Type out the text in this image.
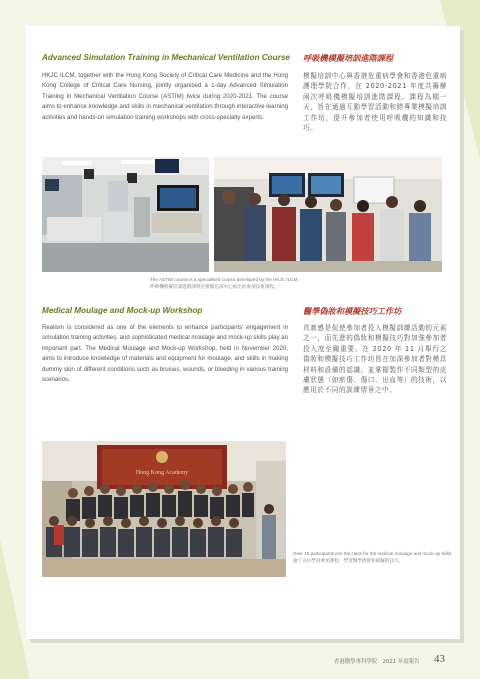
Advanced Simulation Training in Mechanical Ventilation Course 呼吸機模擬培訓進階課程
HKJC ILCM, together with the Hong Kong Society of Critical Care Medicine and the Hong Kong College of Critical Care Nursing, jointly organised a 1-day Advanced Simulation Training in Mechanical Ventilation Course (ASTIM) twice during 2020-2021. The course aims to enhance knowledge and skills in mechanical ventilation through interactive learning activities and hands-on simulation training workshops with cross-specialty experts.
模擬培訓中心與香港危重病學會和香港危重病護理學院合作，在 2020-2021 年度共籌辦兩次呼吸機模擬培訓進階課程。課程為期一天，旨在通過互動學習活動和跨專業模擬培訓工作坊，提升參加者使用呼吸機的知識和技巧。
The ASTIM course is a specialised course developed by the HKJC ILCM.
呼吸機模擬培訓進階課程是模擬培訓中心推出的專項技術課程。
Medical Moulage and Mock-up Workshop	醫學偽妝和模擬技巧工作坊
Realism is considered as one of the elements to enhance participants' engagement in simulation training activities, and sophisticated medical moulage and mock-up skills play an important part. The Medical Moulage and Mock-up Workshop, held in November 2020, aims to introduce knowledge of materials and equipment for moulage, and skills in making dummy skin of different conditions such as bruises, wounds, or bleeding in various training scenarios.
真實感是促使參加者投入模擬訓練活動的元素之一，而先進的偽妝和模擬技巧對加強參加者投入度至關重要。在 2020 年 11 月舉行之偽妝和模擬技巧工作坊旨在加深參加者對模具材料和設備的認識，並掌握製作不同類型的皮膚狀態（如瘀傷、傷口、出血等）的技術，以應用於不同的訓練情景之中。
Hong Kong Academy
Over 15 participants join the class for the medical moulage and mock-up skills.
逾十五位學員參加課程，學習醫學偽妝和模擬的技巧。
香港醫學專科學院　2021 年度報告 43
